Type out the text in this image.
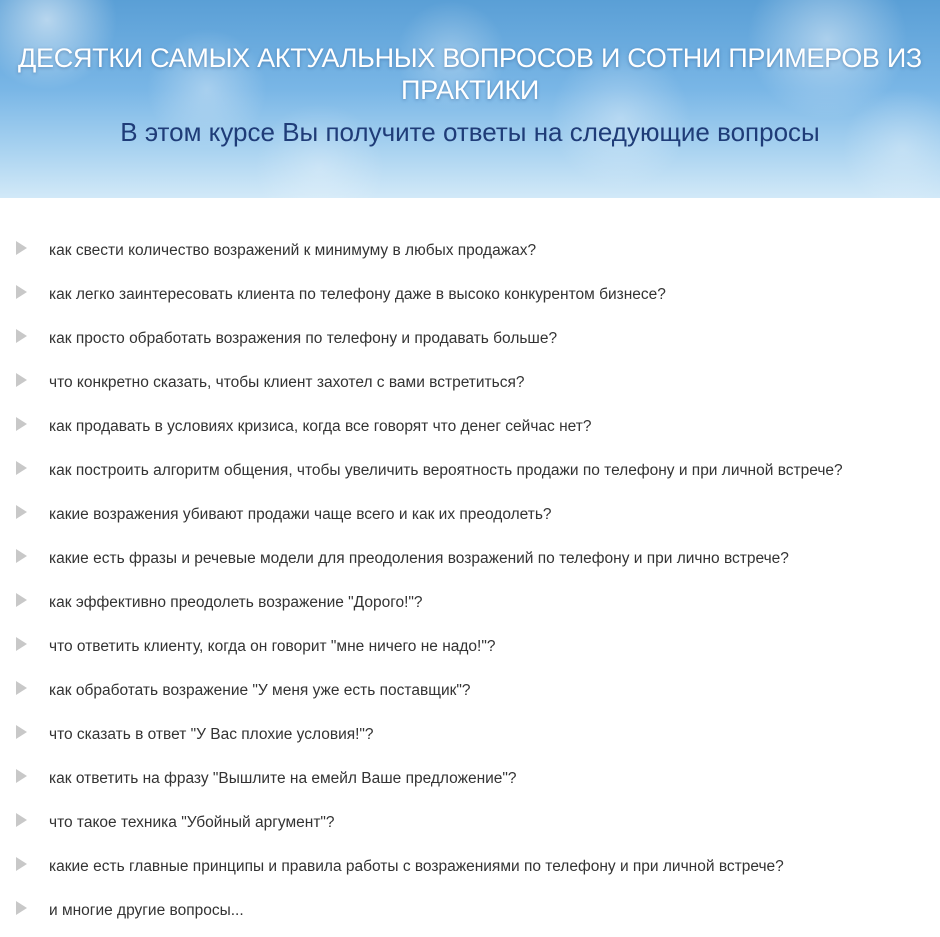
ДЕСЯТКИ САМЫХ АКТУАЛЬНЫХ ВОПРОСОВ И СОТНИ ПРИМЕРОВ ИЗ ПРАКТИКИ
В этом курсе Вы получите ответы на следующие вопросы
как свести количество возражений к минимуму в любых продажах?
как легко заинтересовать клиента по телефону даже в высоко конкурентом бизнесе?
как просто обработать возражения по телефону и продавать больше?
что конкретно сказать, чтобы клиент захотел с вами встретиться?
как продавать в условиях кризиса, когда все говорят что денег сейчас нет?
как построить алгоритм общения, чтобы увеличить вероятность продажи по телефону и при личной встрече?
какие возражения убивают продажи чаще всего и как их преодолеть?
какие есть фразы и речевые модели для преодоления возражений по телефону и при лично встрече?
как эффективно преодолеть возражение "Дорого!"?
что ответить клиенту, когда он говорит "мне ничего не надо!"?
как обработать возражение "У меня уже есть поставщик"?
что сказать в ответ "У Вас плохие условия!"?
как ответить на фразу "Вышлите на емейл Ваше предложение"?
что такое техника "Убойный аргумент"?
какие есть главные принципы и правила работы с возражениями по телефону и при личной встрече?
и многие другие вопросы...
